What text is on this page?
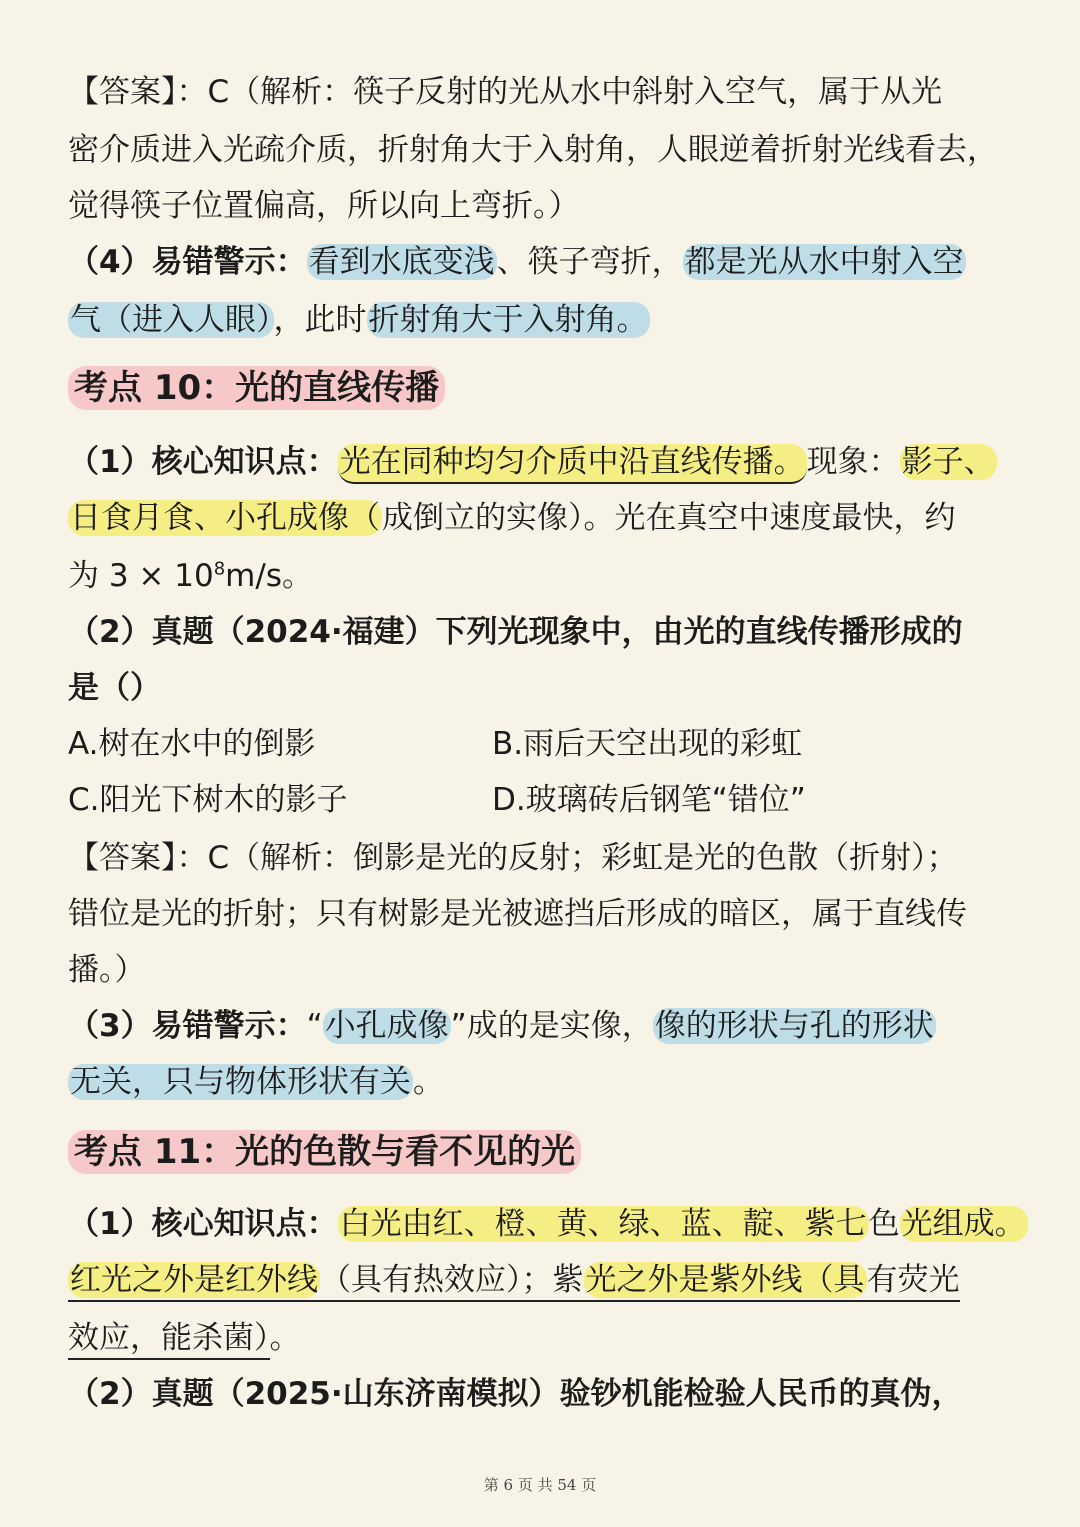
【答案】：C（解析：筷子反射的光从水中斜射入空气，属于从光
密介质进入光疏介质，折射角大于入射角，人眼逆着折射光线看去，
觉得筷子位置偏高，所以向上弯折。）
（4）易错警示：看到水底变浅、筷子弯折，都是光从水中射入空
气（进入人眼），此时折射角大于入射角。
考点 10：光的直线传播
（1）核心知识点：光在同种均匀介质中沿直线传播。现象：影子、
日食月食、小孔成像（成倒立的实像）。光在真空中速度最快，约
为 $3 \times 10^8m/s$。
（2）真题（2024·福建）下列光现象中，由光的直线传播形成的
是（）
A.树在水中的倒影	B.雨后天空出现的彩虹
C.阳光下树木的影子	D.玻璃砖后钢笔“错位”
【答案】：C（解析：倒影是光的反射；彩虹是光的色散（折射）；
错位是光的折射；只有树影是光被遮挡后形成的暗区，属于直线传
播。）
（3）易错警示：“小孔成像”成的是实像，像的形状与孔的形状
无关，只与物体形状有关。
考点 11：光的色散与看不见的光
（1）核心知识点：白光由红、橙、黄、绿、蓝、靛、紫七色光组成。
红光之外是红外线（具有热效应）；紫光之外是紫外线（具有荧光
效应，能杀菌）。
（2）真题（2025·山东济南模拟）验钞机能检验人民币的真伪，
第 6 页 共 54 页
